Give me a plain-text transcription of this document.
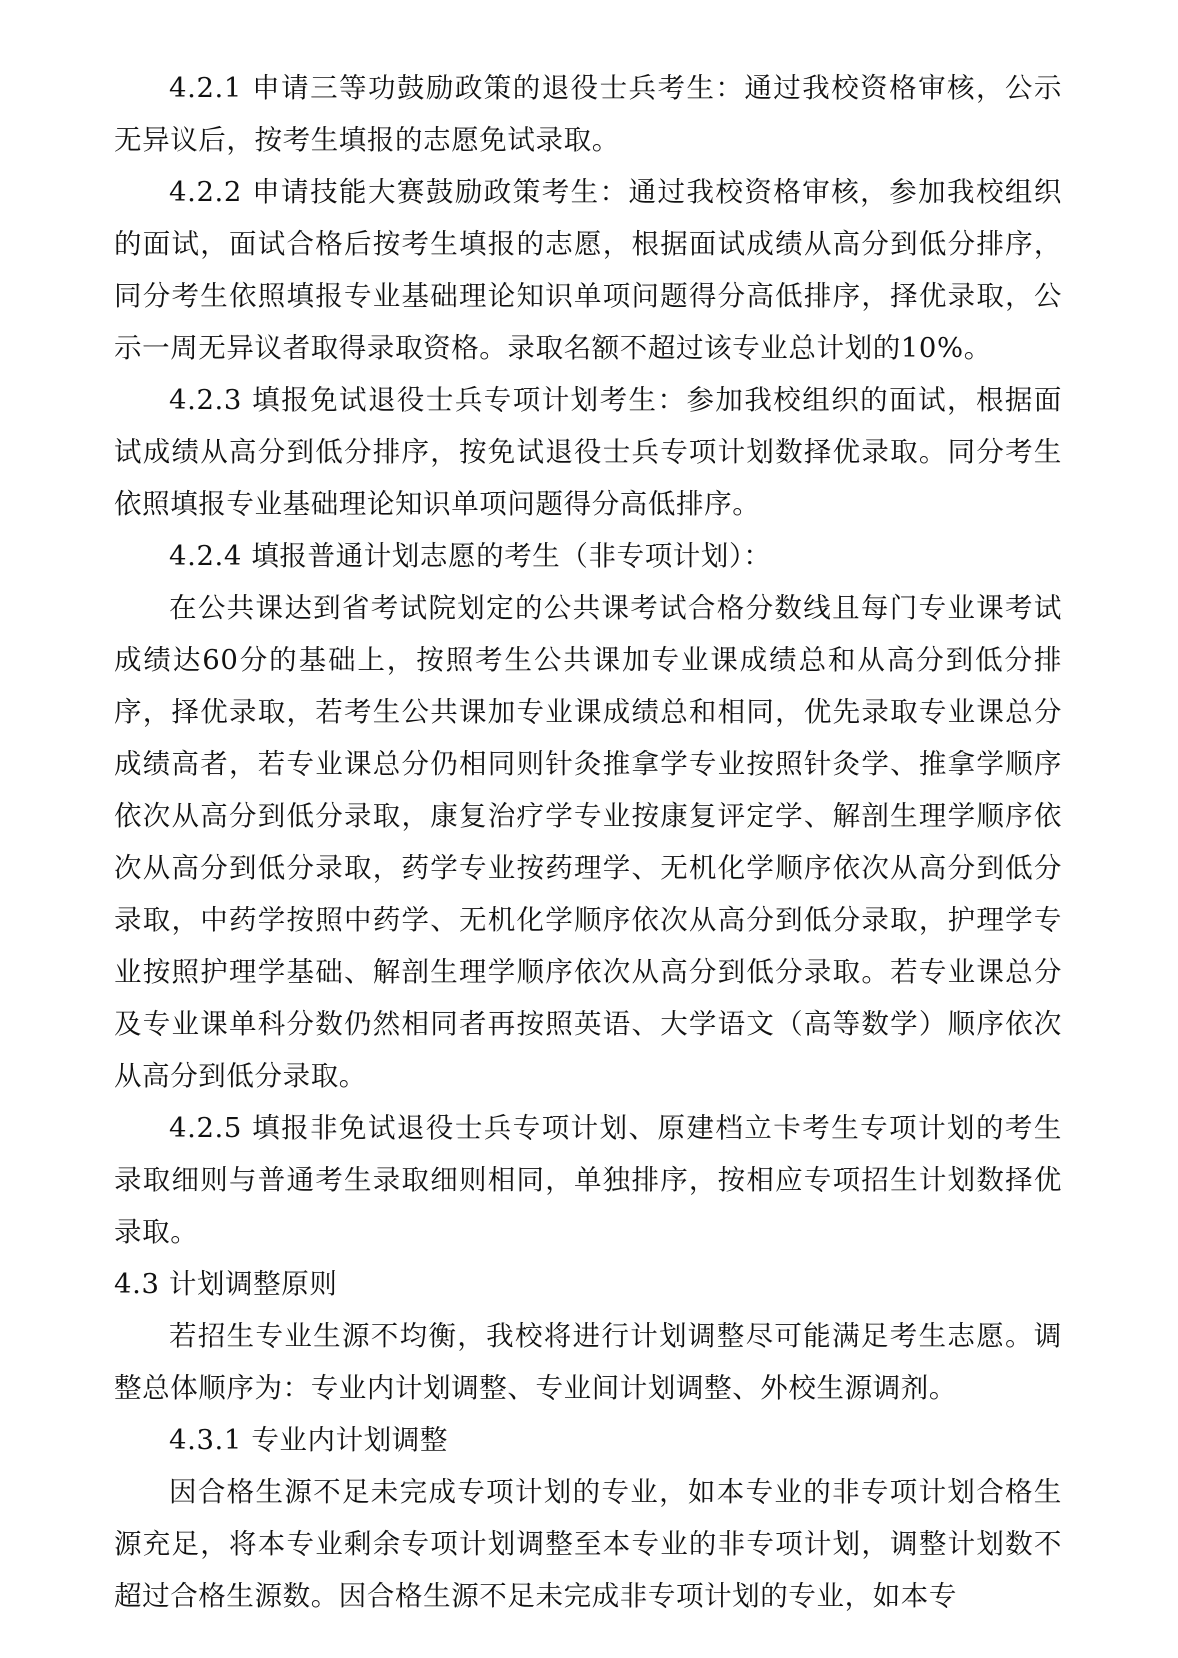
4.2.1 申请三等功鼓励政策的退役士兵考生：通过我校资格审核，公示无异议后，按考生填报的志愿免试录取。

4.2.2 申请技能大赛鼓励政策考生：通过我校资格审核，参加我校组织的面试，面试合格后按考生填报的志愿，根据面试成绩从高分到低分排序，同分考生依照填报专业基础理论知识单项问题得分高低排序，择优录取，公示一周无异议者取得录取资格。录取名额不超过该专业总计划的10%。

4.2.3 填报免试退役士兵专项计划考生：参加我校组织的面试，根据面试成绩从高分到低分排序，按免试退役士兵专项计划数择优录取。同分考生依照填报专业基础理论知识单项问题得分高低排序。

4.2.4 填报普通计划志愿的考生（非专项计划）：

在公共课达到省考试院划定的公共课考试合格分数线且每门专业课考试成绩达60分的基础上，按照考生公共课加专业课成绩总和从高分到低分排序，择优录取，若考生公共课加专业课成绩总和相同，优先录取专业课总分成绩高者，若专业课总分仍相同则针灸推拿学专业按照针灸学、推拿学顺序依次从高分到低分录取，康复治疗学专业按康复评定学、解剖生理学顺序依次从高分到低分录取，药学专业按药理学、无机化学顺序依次从高分到低分录取，中药学按照中药学、无机化学顺序依次从高分到低分录取，护理学专业按照护理学基础、解剖生理学顺序依次从高分到低分录取。若专业课总分及专业课单科分数仍然相同者再按照英语、大学语文（高等数学）顺序依次从高分到低分录取。

4.2.5 填报非免试退役士兵专项计划、原建档立卡考生专项计划的考生录取细则与普通考生录取细则相同，单独排序，按相应专项招生计划数择优录取。

4.3 计划调整原则

若招生专业生源不均衡，我校将进行计划调整尽可能满足考生志愿。调整总体顺序为：专业内计划调整、专业间计划调整、外校生源调剂。

4.3.1 专业内计划调整

因合格生源不足未完成专项计划的专业，如本专业的非专项计划合格生源充足，将本专业剩余专项计划调整至本专业的非专项计划，调整计划数不超过合格生源数。因合格生源不足未完成非专项计划的专业，如本专
